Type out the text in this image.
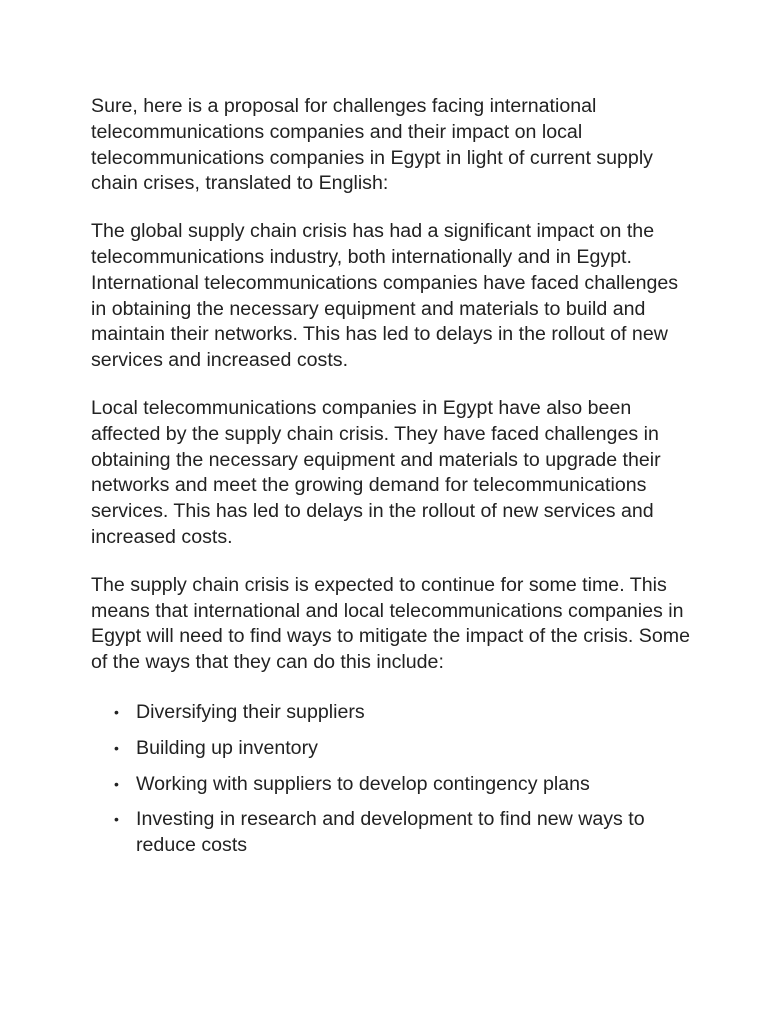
Sure, here is a proposal for challenges facing international telecommunications companies and their impact on local telecommunications companies in Egypt in light of current supply chain crises, translated to English:

The global supply chain crisis has had a significant impact on the telecommunications industry, both internationally and in Egypt. International telecommunications companies have faced challenges in obtaining the necessary equipment and materials to build and maintain their networks. This has led to delays in the rollout of new services and increased costs.

Local telecommunications companies in Egypt have also been affected by the supply chain crisis. They have faced challenges in obtaining the necessary equipment and materials to upgrade their networks and meet the growing demand for telecommunications services. This has led to delays in the rollout of new services and increased costs.

The supply chain crisis is expected to continue for some time. This means that international and local telecommunications companies in Egypt will need to find ways to mitigate the impact of the crisis. Some of the ways that they can do this include:

• Diversifying their suppliers
• Building up inventory
• Working with suppliers to develop contingency plans
• Investing in research and development to find new ways to reduce costs
